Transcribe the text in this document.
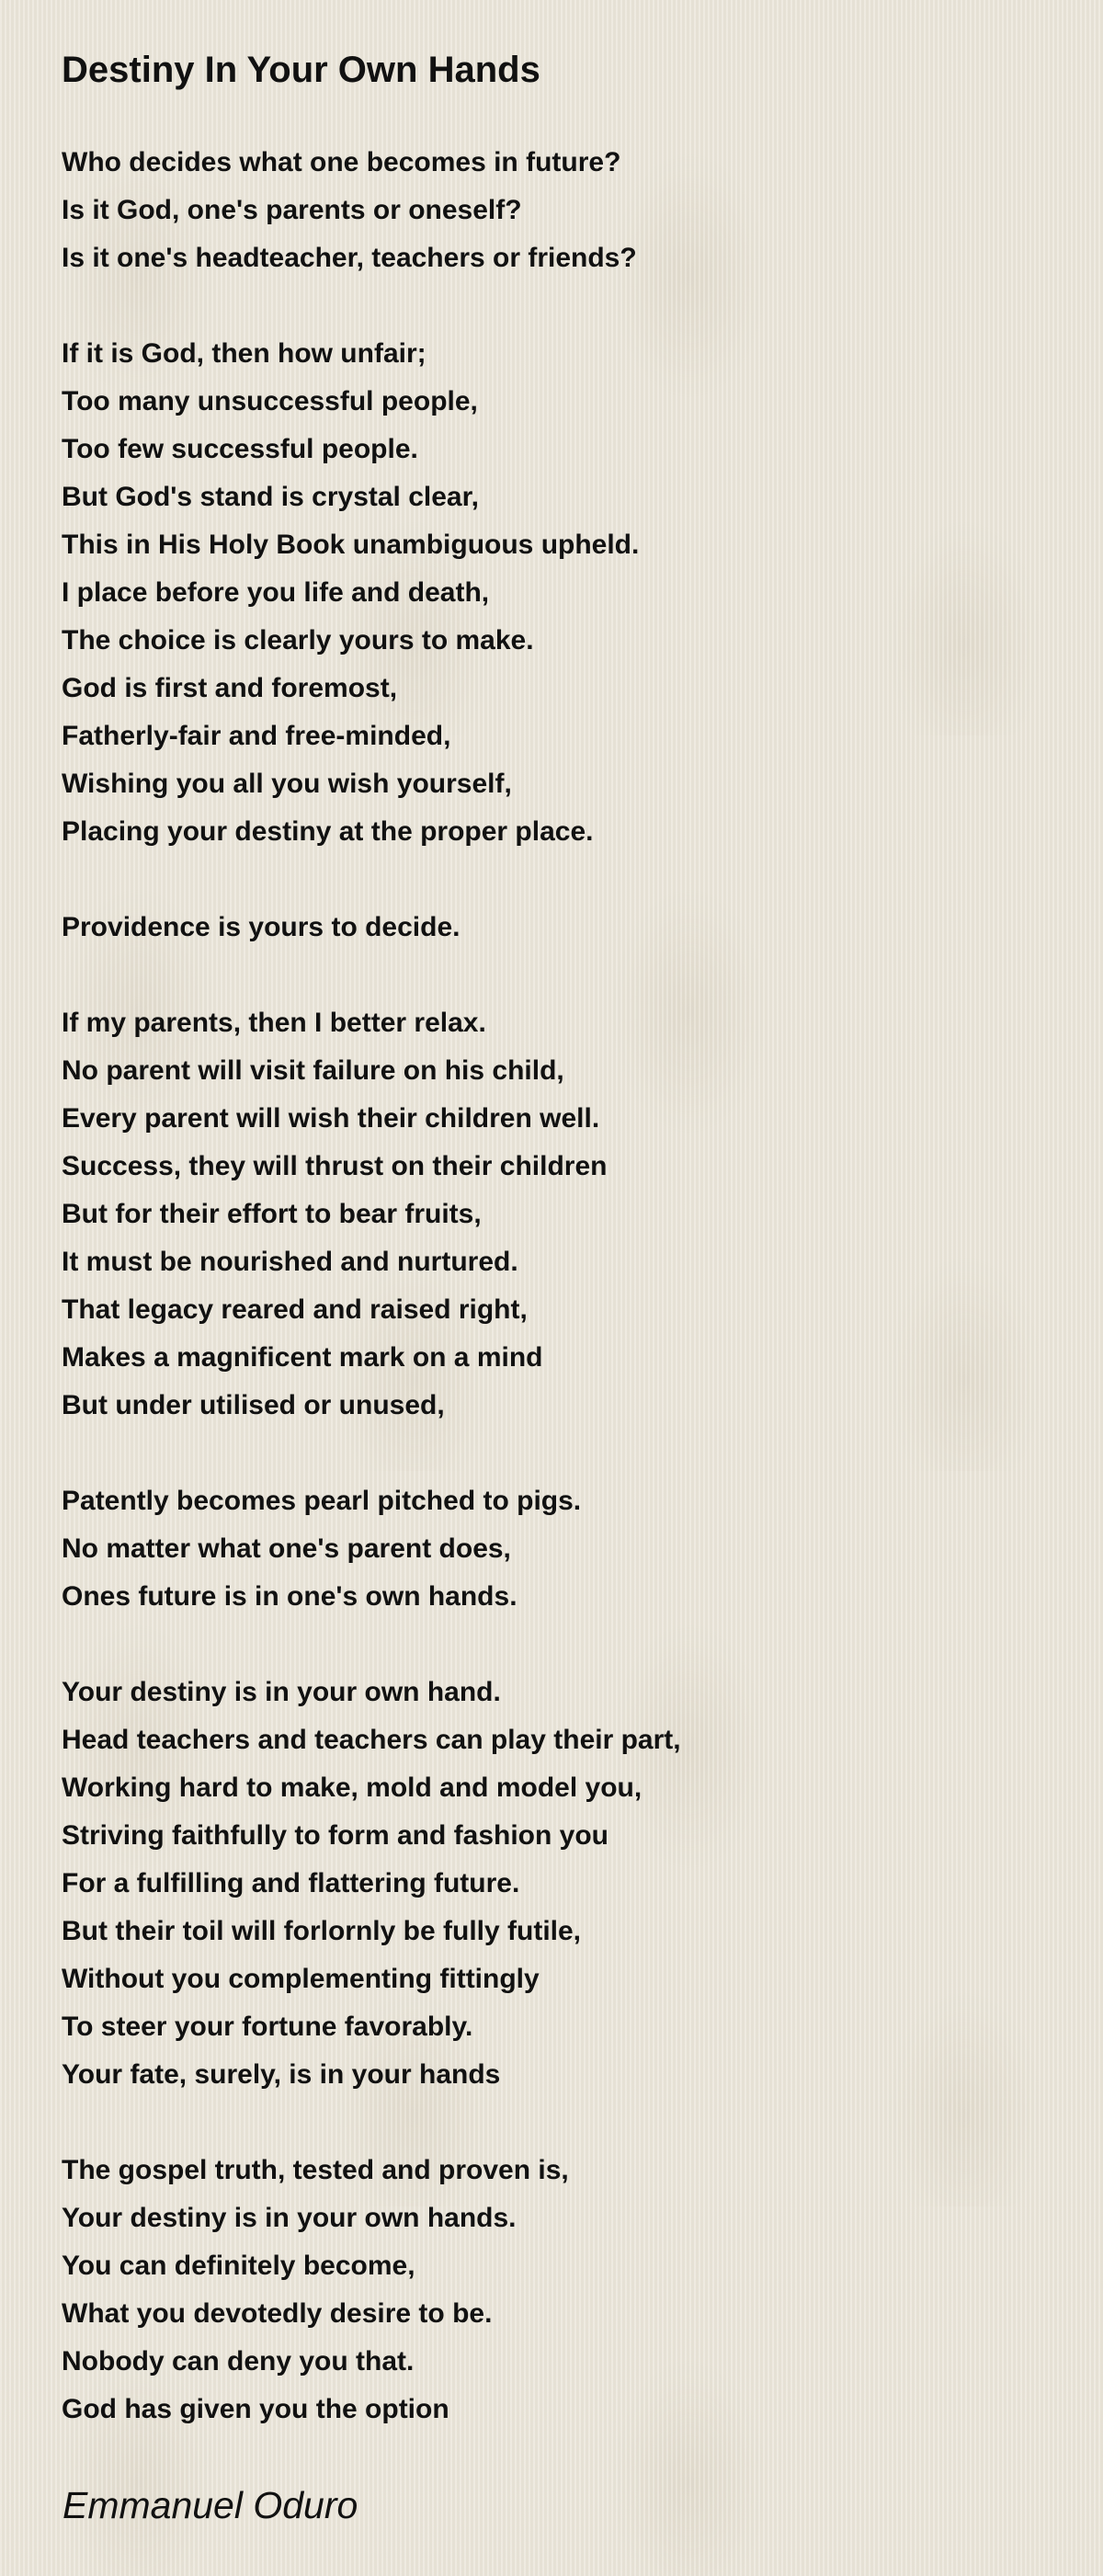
Destiny In Your Own Hands
Who decides what one becomes in future?
Is it God, one's parents or oneself?
Is it one's headteacher, teachers or friends?
If it is God, then how unfair;
Too many unsuccessful people,
Too few successful people.
But God's stand is crystal clear,
This in His Holy Book unambiguous upheld.
I place before you life and death,
The choice is clearly yours to make.
God is first and foremost,
Fatherly-fair and free-minded,
Wishing you all you wish yourself,
Placing your destiny at the proper place.
Providence is yours to decide.
If my parents, then I better relax.
No parent will visit failure on his child,
Every parent will wish their children well.
Success, they will thrust on their children
But for their effort to bear fruits,
It must be nourished and nurtured.
That legacy reared and raised right,
Makes a magnificent mark on a mind
But under utilised or unused,
Patently becomes pearl pitched to pigs.
No matter what one's parent does,
Ones future is in one's own hands.
Your destiny is in your own hand.
Head teachers and teachers can play their part,
Working hard to make, mold and model you,
Striving faithfully to form and fashion you
For a fulfilling and flattering future.
But their toil will forlornly be fully futile,
Without you complementing fittingly
To steer your fortune favorably.
Your fate, surely, is in your hands
The gospel truth, tested and proven is,
Your destiny is in your own hands.
You can definitely become,
What you devotedly desire to be.
Nobody can deny you that.
God has given you the option

Emmanuel Oduro
